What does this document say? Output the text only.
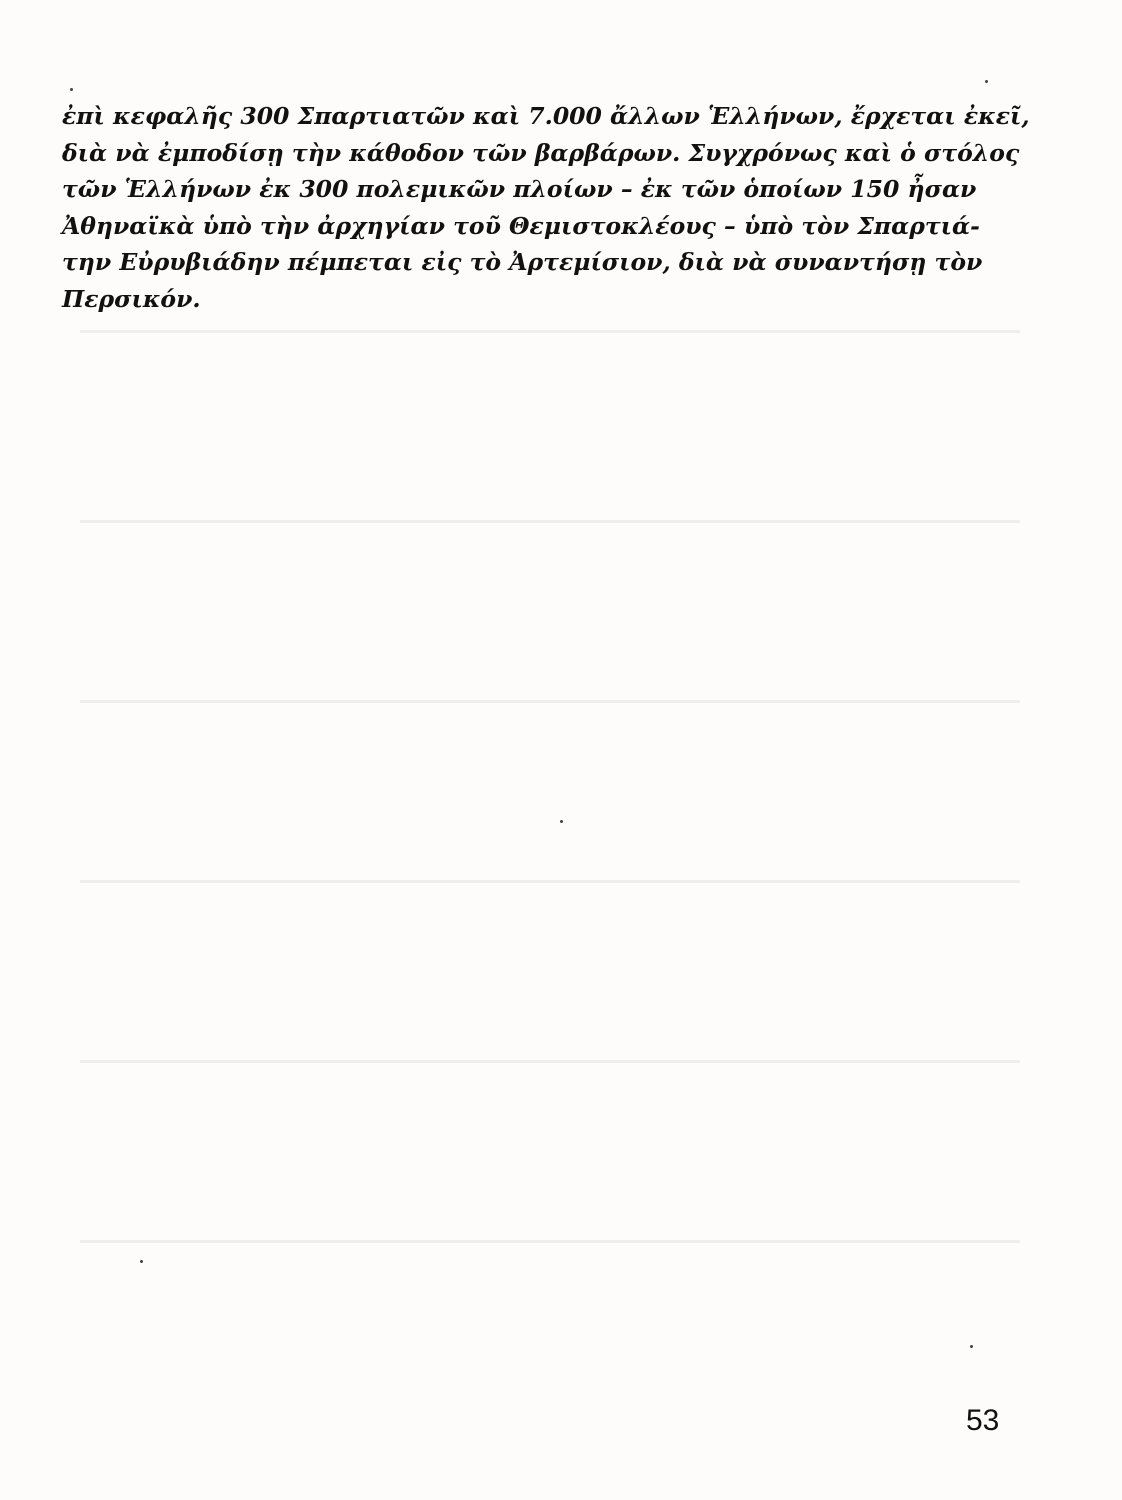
ἐπὶ κεφαλῆς 300 Σπαρτιατῶν καὶ 7.000 ἄλλων Ἑλλήνων, ἔρχεται ἐκεῖ,
διὰ νὰ ἐμποδίσῃ τὴν κάθοδον τῶν βαρβάρων. Συγχρόνως καὶ ὁ στόλος
τῶν Ἑλλήνων ἐκ 300 πολεμικῶν πλοίων – ἐκ τῶν ὁποίων 150 ἦσαν
Ἀθηναϊκὰ ὑπὸ τὴν ἀρχηγίαν τοῦ Θεμιστοκλέους – ὑπὸ τὸν Σπαρτιά-
την Εὐρυβιάδην πέμπεται εἰς τὸ Ἀρτεμίσιον, διὰ νὰ συναντήσῃ τὸν
Περσικόν.

53
